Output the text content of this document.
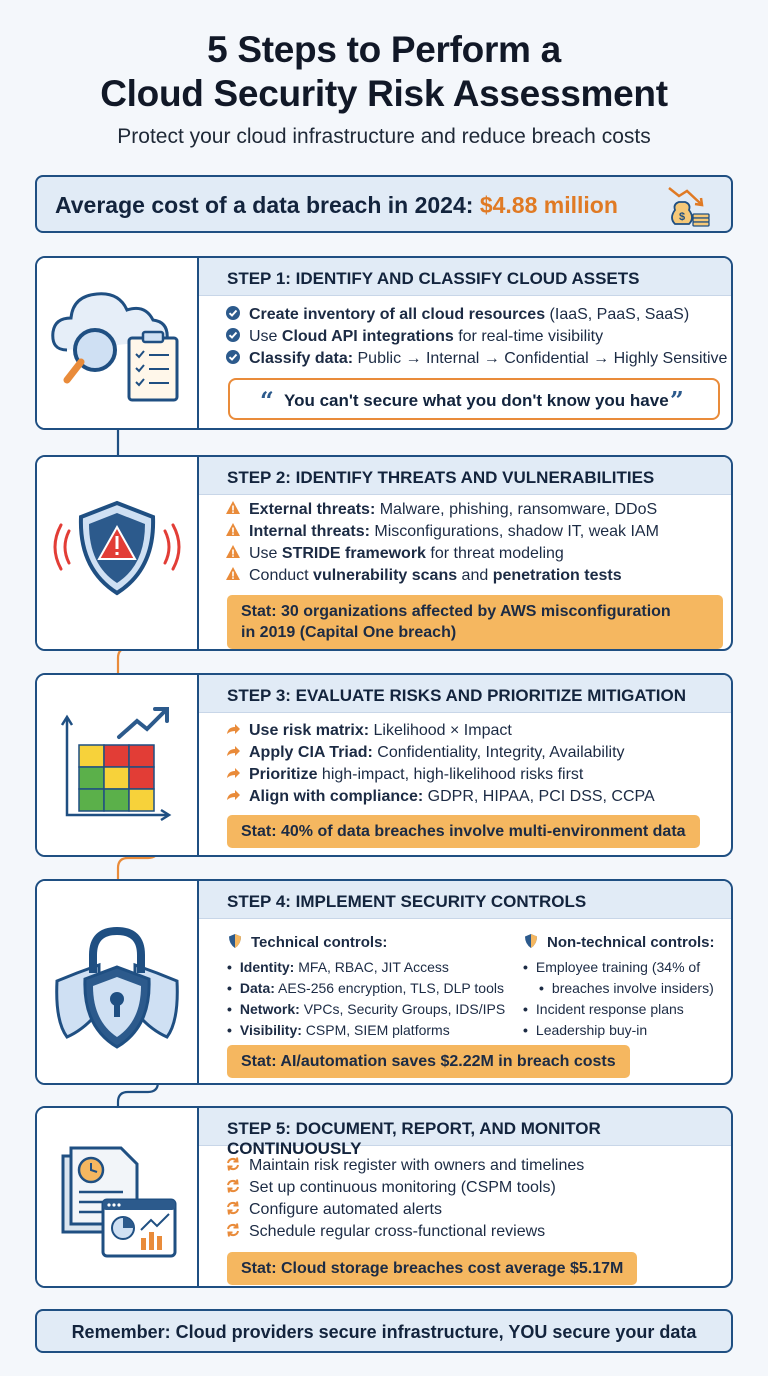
5 Steps to Perform a
Cloud Security Risk Assessment
Protect your cloud infrastructure and reduce breach costs
Average cost of a data breach in 2024: $4.88 million	$
STEP 1: IDENTIFY AND CLASSIFY CLOUD ASSETS
Create inventory of all cloud resources (IaaS, PaaS, SaaS)
Use Cloud API integrations for real-time visibility
Classify data: Public → Internal → Confidential → Highly Sensitive
“ You can't secure what you don't know you have ”
STEP 2: IDENTIFY THREATS AND VULNERABILITIES
External threats: Malware, phishing, ransomware, DDoS
Internal threats: Misconfigurations, shadow IT, weak IAM
Use STRIDE framework for threat modeling
Conduct vulnerability scans and penetration tests
Stat: 30 organizations affected by AWS misconfiguration
in 2019 (Capital One breach)
STEP 3: EVALUATE RISKS AND PRIORITIZE MITIGATION
Use risk matrix: Likelihood × Impact
Apply CIA Triad: Confidentiality, Integrity, Availability
Prioritize high-impact, high-likelihood risks first
Align with compliance: GDPR, HIPAA, PCI DSS, CCPA
Stat: 40% of data breaches involve multi-environment data
STEP 4: IMPLEMENT SECURITY CONTROLS
Technical controls:
• Identity: MFA, RBAC, JIT Access
• Data: AES-256 encryption, TLS, DLP tools
• Network: VPCs, Security Groups, IDS/IPS
• Visibility: CSPM, SIEM platforms
Non-technical controls:
• Employee training (34% of
• breaches involve insiders)
• Incident response plans
• Leadership buy-in
Stat: AI/automation saves $2.22M in breach costs
STEP 5: DOCUMENT, REPORT, AND MONITOR CONTINUOUSLY
Maintain risk register with owners and timelines
Set up continuous monitoring (CSPM tools)
Configure automated alerts
Schedule regular cross-functional reviews
Stat: Cloud storage breaches cost average $5.17M
Remember: Cloud providers secure infrastructure, YOU secure your data
